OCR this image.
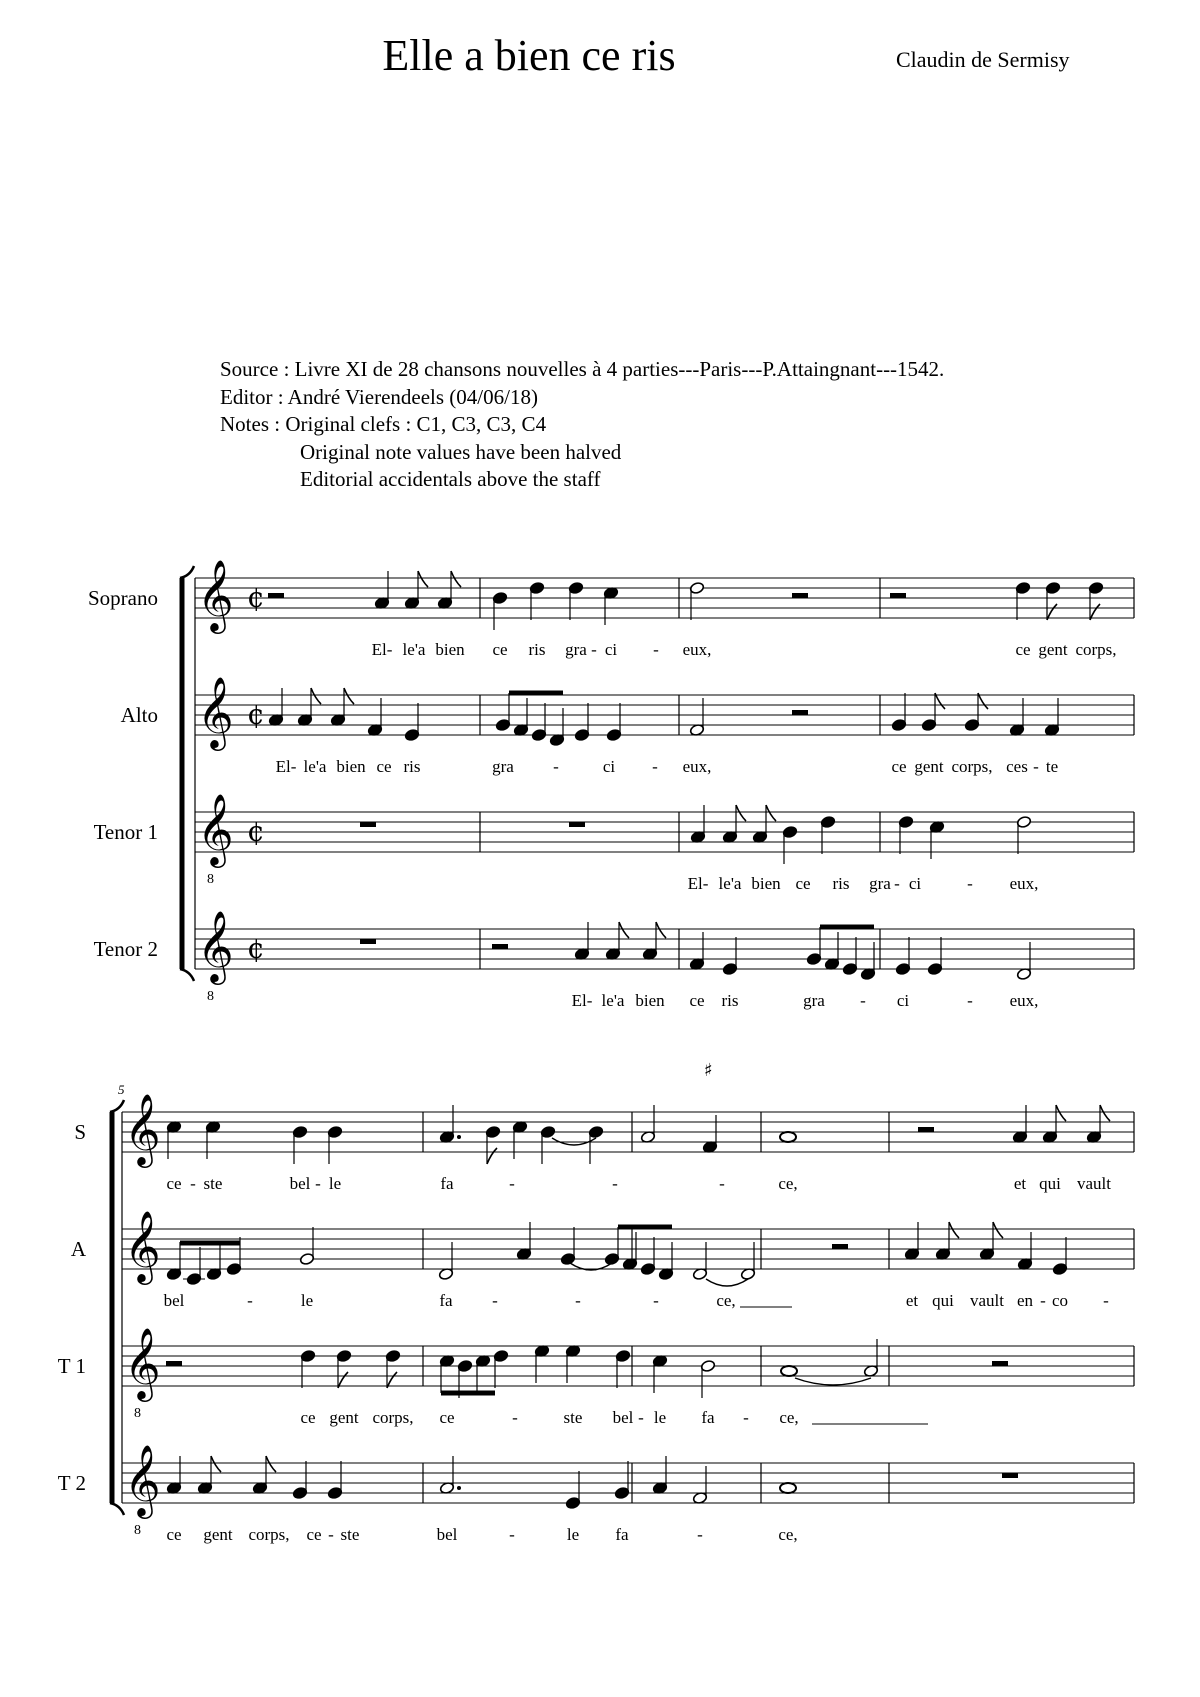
Elle a bien ce ris	Claudin de Sermisy
Source : Livre XI de 28 chansons nouvelles à 4 parties---Paris---P.Attaingnant---1542.
Editor : André Vierendeels (04/06/18)
Notes : Original clefs : C1, C3, C3, C4
Original note values have been halved
Editorial accidentals above the staff
Soprano
Alto
Tenor 1
Tenor 2
S
A
T 1
T 2
5
El- le'a bien ce ris gra - ci - eux,	ce gent corps,
El- le'a bien ce ris	gra -	ci - eux,	ce gent corps, ces - te
El- le'a bien ce ris gra - ci	- eux,
El- le'a bien ce ris	gra - ci	- eux,
ce - ste	bel - le	fa	-	-	-	ce,	et qui vault
bel	-	le	fa -	-	-	ce,	et qui vault en - co -
ce gent corps, ce	-	ste bel - le fa - ce,
ce gent corps, ce - ste	bel	-	le fa	-	ce,
𝄞 ¢
𝄞 ¢
𝄞
8
¢
𝄞
8
¢
𝄞
𝄞
𝄞
8
𝄞
8
♯
